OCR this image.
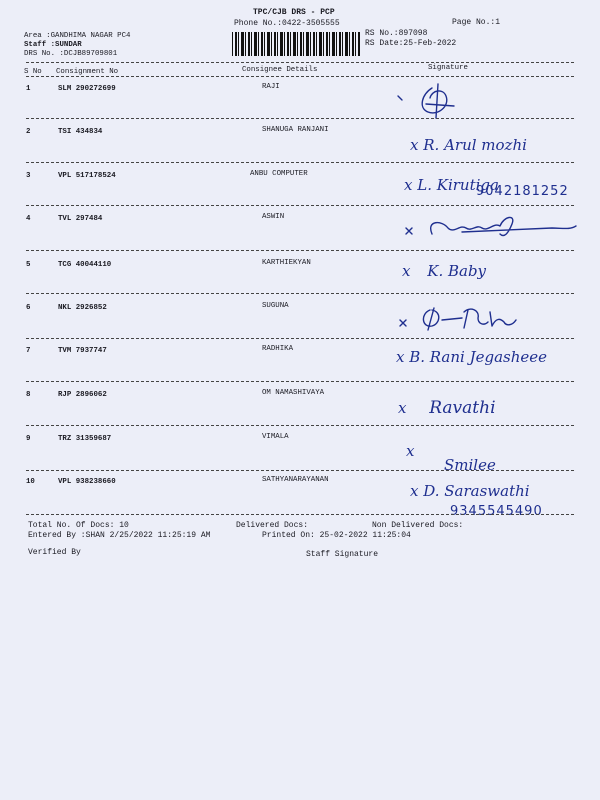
TPC/CJB DRS - PCP
Phone No.:0422-3505555	Page No.:1
Area :GANDHIMA NAGAR PC4
Staff :SUNDAR
DRS No. :DCJB89709801
RS No.:897098
RS Date:25-Feb-2022
S No Consignment No	Consignee Details	Signature
1	SLM 290272699	RAJI
2	TSI 434834	SHANUGA RANJANI
x R. Arul mozhi
3	VPL 517178524	ANBU COMPUTER
x L. Kirutiga
9042181252
4	TVL 297484	ASWIN
5	TCG 40044110	KARTHIEKYAN	x K. Baby
6	NKL 2926852	SUGUNA
7	TVM 7937747	RADHIKA	x B. Rani Jegasheee
8	RJP 2896062	OM NAMASHIVAYA
x Ravathi
9	TRZ 31359687	VIMALA
x
Smilee
10	VPL 938238660	SATHYANARAYANAN
x D. Saraswathi
9345545490
Total No. Of Docs: 10	Delivered Docs:	Non Delivered Docs:
Entered By :SHAN 2/25/2022 11:25:19 AM	Printed On: 25-02-2022 11:25:04
Verified By	Staff Signature
